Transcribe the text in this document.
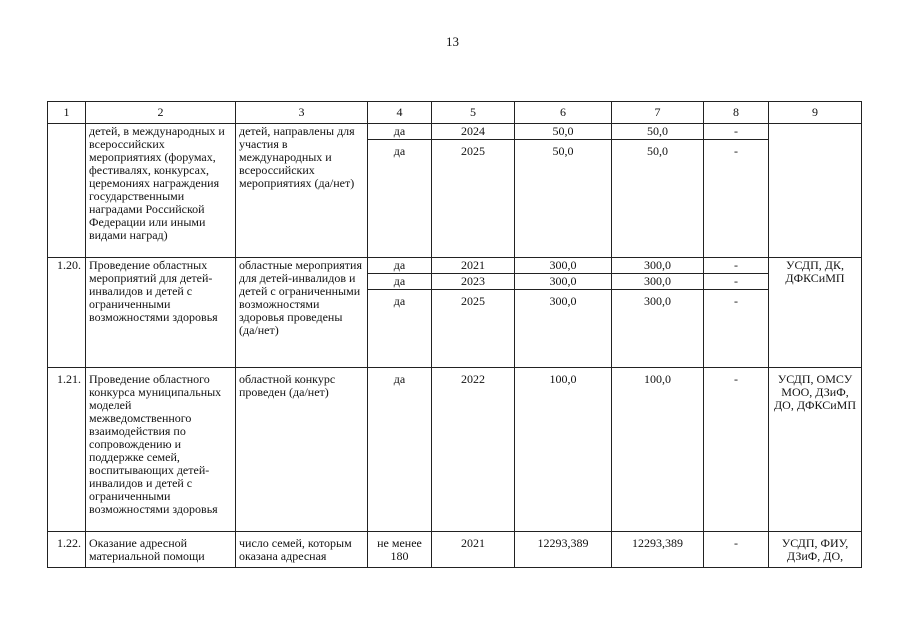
13
1	2	3	4	5	6	7	8	9
	детей, в международных и всероссийских мероприятиях (форумах, фестивалях, конкурсах, церемониях награждения государственными наградами Российской Федерации или иными видами наград)	детей, направлены для участия в международных и всероссийских мероприятиях (да/нет)	да	2024	50,0	50,0	-	
			да	2025	50,0	50,0	-	
1.20.	Проведение областных мероприятий для детей-инвалидов и детей с ограниченными возможностями здоровья	областные мероприятия для детей-инвалидов и детей с ограниченными возможностями здоровья проведены (да/нет)	да	2021	300,0	300,0	-	УСДП, ДК, ДФКСиМП
			да	2023	300,0	300,0	-	
			да	2025	300,0	300,0	-	
1.21.	Проведение областного конкурса муниципальных моделей межведомственного взаимодействия по сопровождению и поддержке семей, воспитывающих детей-инвалидов и детей с ограниченными возможностями здоровья	областной конкурс проведен (да/нет)	да	2022	100,0	100,0	-	УСДП, ОМСУ МОО, ДЗиФ, ДО, ДФКСиМП
1.22.	Оказание адресной материальной помощи	число семей, которым оказана адресная	не менее 180	2021	12293,389	12293,389	-	УСДП, ФИУ, ДЗиФ, ДО,
